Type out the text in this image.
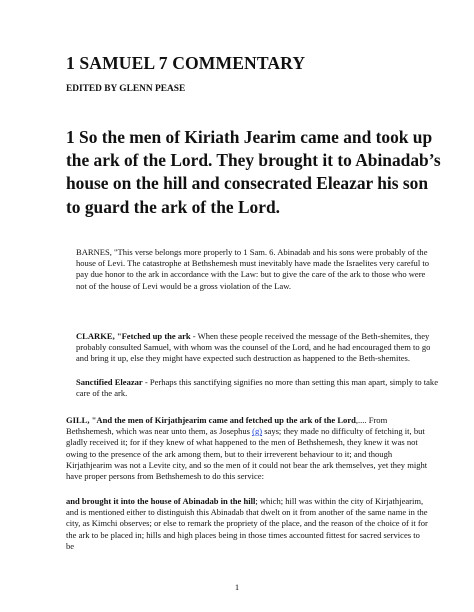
1 SAMUEL 7 COMMENTARY
EDITED BY GLENN PEASE
1 So the men of Kiriath Jearim came and took up the ark of the Lord. They brought it to Abinadab’s house on the hill and consecrated Eleazar his son to guard the ark of the Lord.

BARNES, "This verse belongs more properly to 1 Sam. 6. Abinadab and his sons were probably of the house of Levi. The catastrophe at Bethshemesh must inevitably have made the Israelites very careful to pay due honor to the ark in accordance with the Law: but to give the care of the ark to those who were not of the house of Levi would be a gross violation of the Law.

CLARKE, "Fetched up the ark - When these people received the message of the Beth-shemites, they probably consulted Samuel, with whom was the counsel of the Lord, and he had encouraged them to go and bring it up, else they might have expected such destruction as happened to the Beth-shemites.

Sanctified Eleazar - Perhaps this sanctifying signifies no more than setting this man apart, simply to take care of the ark.

GILL, "And the men of Kirjathjearim came and fetched up the ark of the Lord,.... From Bethshemesh, which was near unto them, as Josephus (g) says; they made no difficulty of fetching it, but gladly received it; for if they knew of what happened to the men of Bethshemesh, they knew it was not owing to the presence of the ark among them, but to their irreverent behaviour to it; and though Kirjathjearim was not a Levite city, and so the men of it could not bear the ark themselves, yet they might have proper persons from Bethshemesh to do this service:

and brought it into the house of Abinadab in the hill; which; hill was within the city of Kirjathjearim, and is mentioned either to distinguish this Abinadab that dwelt on it from another of the same name in the city, as Kimchi observes; or else to remark the propriety of the place, and the reason of the choice of it for the ark to be placed in; hills and high places being in those times accounted fittest for sacred services to be

1
